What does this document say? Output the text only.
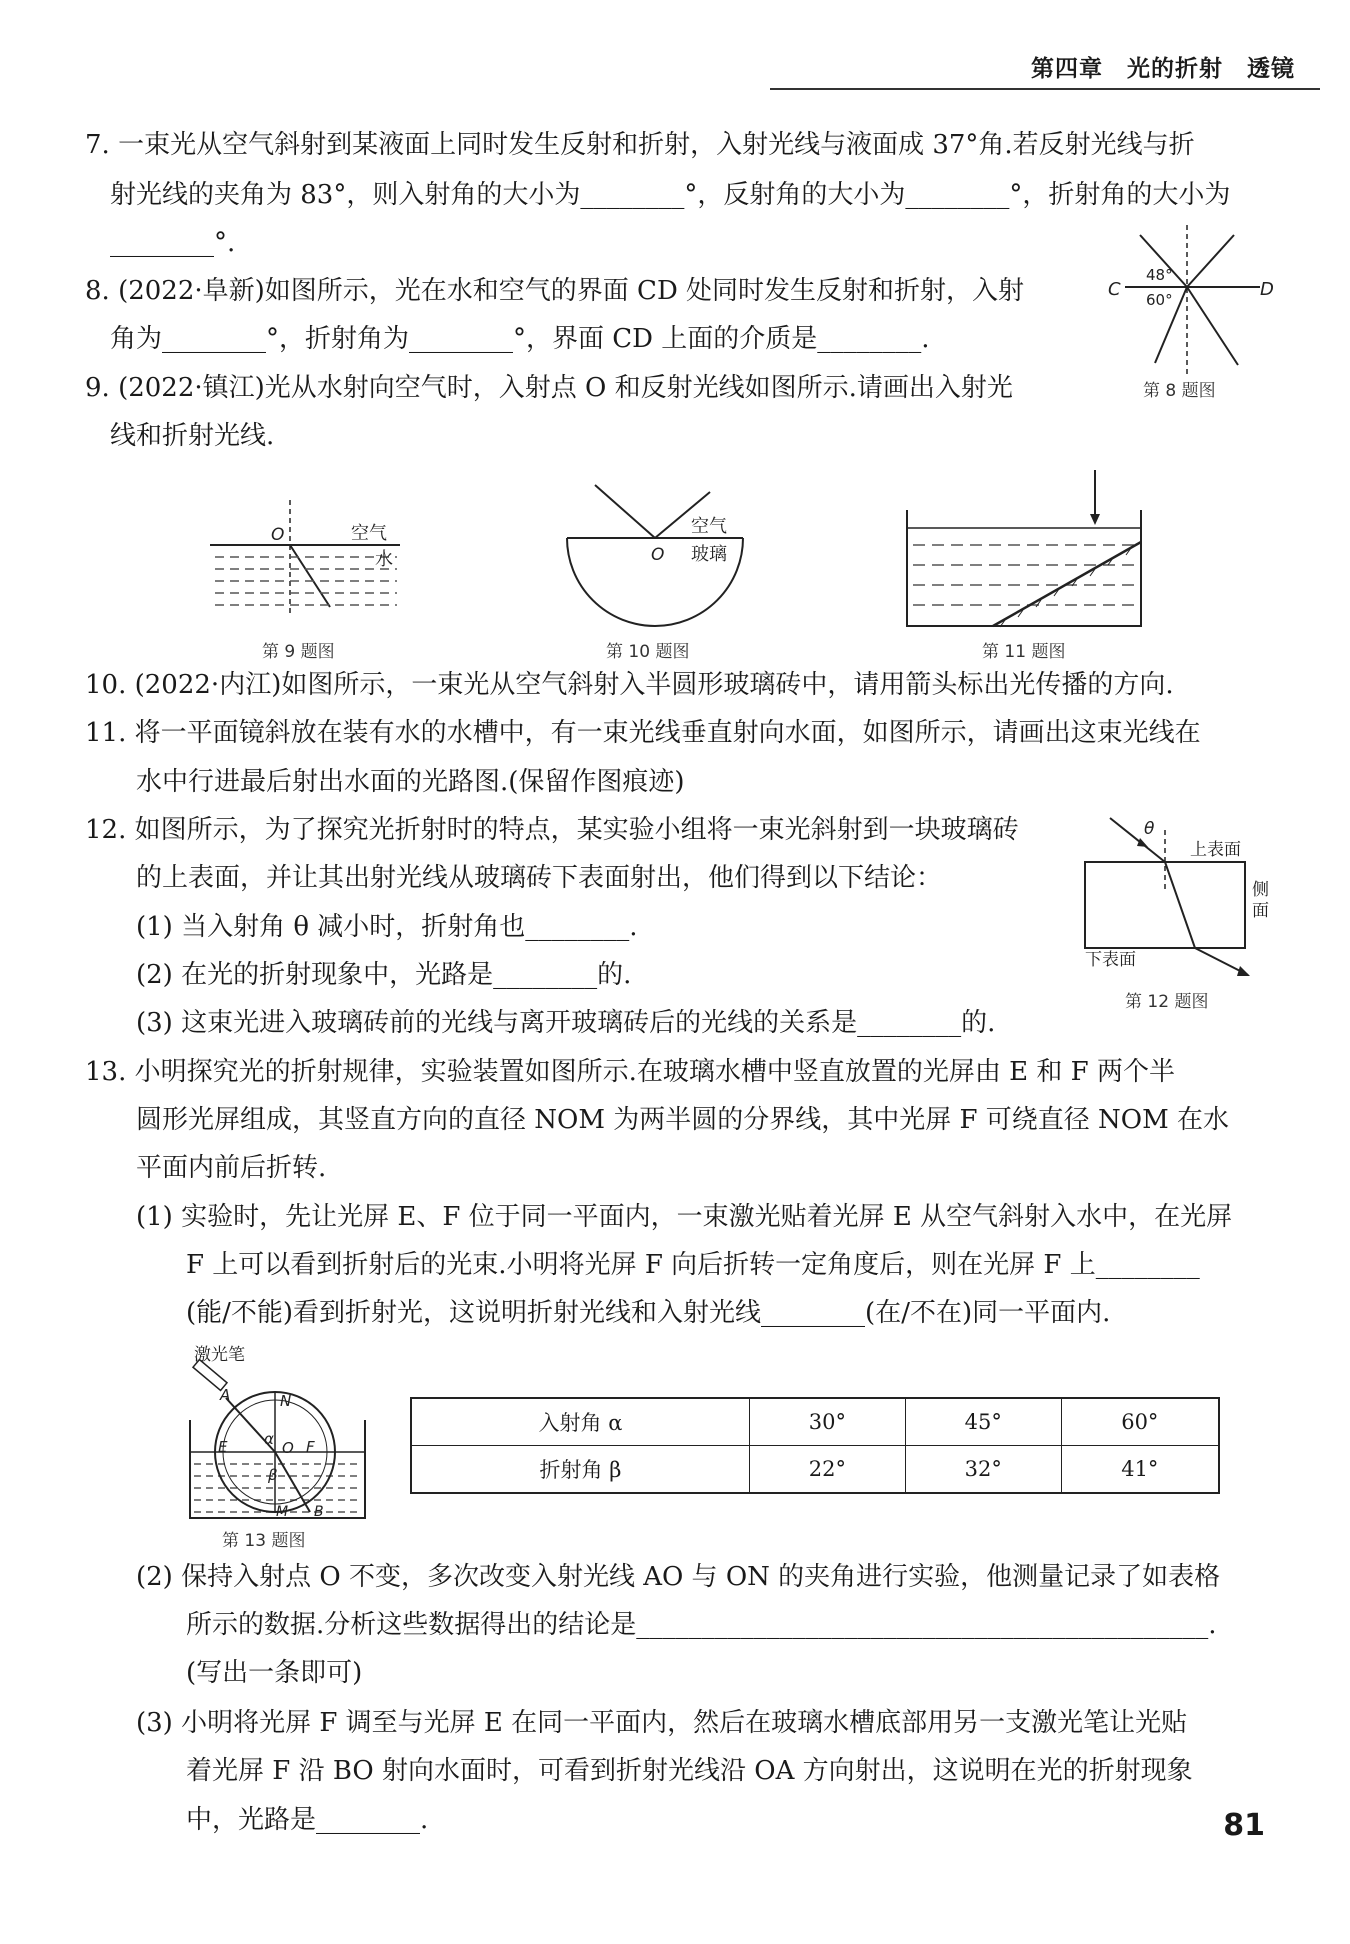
第四章　光的折射　透镜
7. 一束光从空气斜射到某液面上同时发生反射和折射，入射光线与液面成 37°角.若反射光线与折
射光线的夹角为 83°，则入射角的大小为________°，反射角的大小为________°，折射角的大小为
________°.
8. (2022·阜新)如图所示，光在水和空气的界面 CD 处同时发生反射和折射，入射
角为________°，折射角为________°，界面 CD 上面的介质是________.
9. (2022·镇江)光从水射向空气时，入射点 O 和反射光线如图所示.请画出入射光
线和折射光线.
10. (2022·内江)如图所示，一束光从空气斜射入半圆形玻璃砖中，请用箭头标出光传播的方向.
11. 将一平面镜斜放在装有水的水槽中，有一束光线垂直射向水面，如图所示，请画出这束光线在
水中行进最后射出水面的光路图.(保留作图痕迹)
12. 如图所示，为了探究光折射时的特点，某实验小组将一束光斜射到一块玻璃砖
的上表面，并让其出射光线从玻璃砖下表面射出，他们得到以下结论：
(1) 当入射角 θ 减小时，折射角也________.
(2) 在光的折射现象中，光路是________的.
(3) 这束光进入玻璃砖前的光线与离开玻璃砖后的光线的关系是________的.
13. 小明探究光的折射规律，实验装置如图所示.在玻璃水槽中竖直放置的光屏由 E 和 F 两个半
圆形光屏组成，其竖直方向的直径 NOM 为两半圆的分界线，其中光屏 F 可绕直径 NOM 在水
平面内前后折转.
(1) 实验时，先让光屏 E、F 位于同一平面内，一束激光贴着光屏 E 从空气斜射入水中，在光屏
F 上可以看到折射后的光束.小明将光屏 F 向后折转一定角度后，则在光屏 F 上________
(能/不能)看到折射光，这说明折射光线和入射光线________(在/不在)同一平面内.
(2) 保持入射点 O 不变，多次改变入射光线 AO 与 ON 的夹角进行实验，他测量记录了如表格
所示的数据.分析这些数据得出的结论是____________________________________________.
(写出一条即可)
(3) 小明将光屏 F 调至与光屏 E 在同一平面内，然后在玻璃水槽底部用另一支激光笔让光贴
着光屏 F 沿 BO 射向水面时，可看到折射光线沿 OA 方向射出，这说明在光的折射现象
中，光路是________.
C	D
48°
60°
第 8 题图
O	空气
水
第 9 题图
O
空气
玻璃
第 10 题图	第 11 题图
θ
上表面
侧
面
下表面
第 12 题图
激光笔
A	N
E α O F
β
M B
第 13 题图
入射角 α	30°	45°	60°
折射角 β	22°	32°	41°
81
